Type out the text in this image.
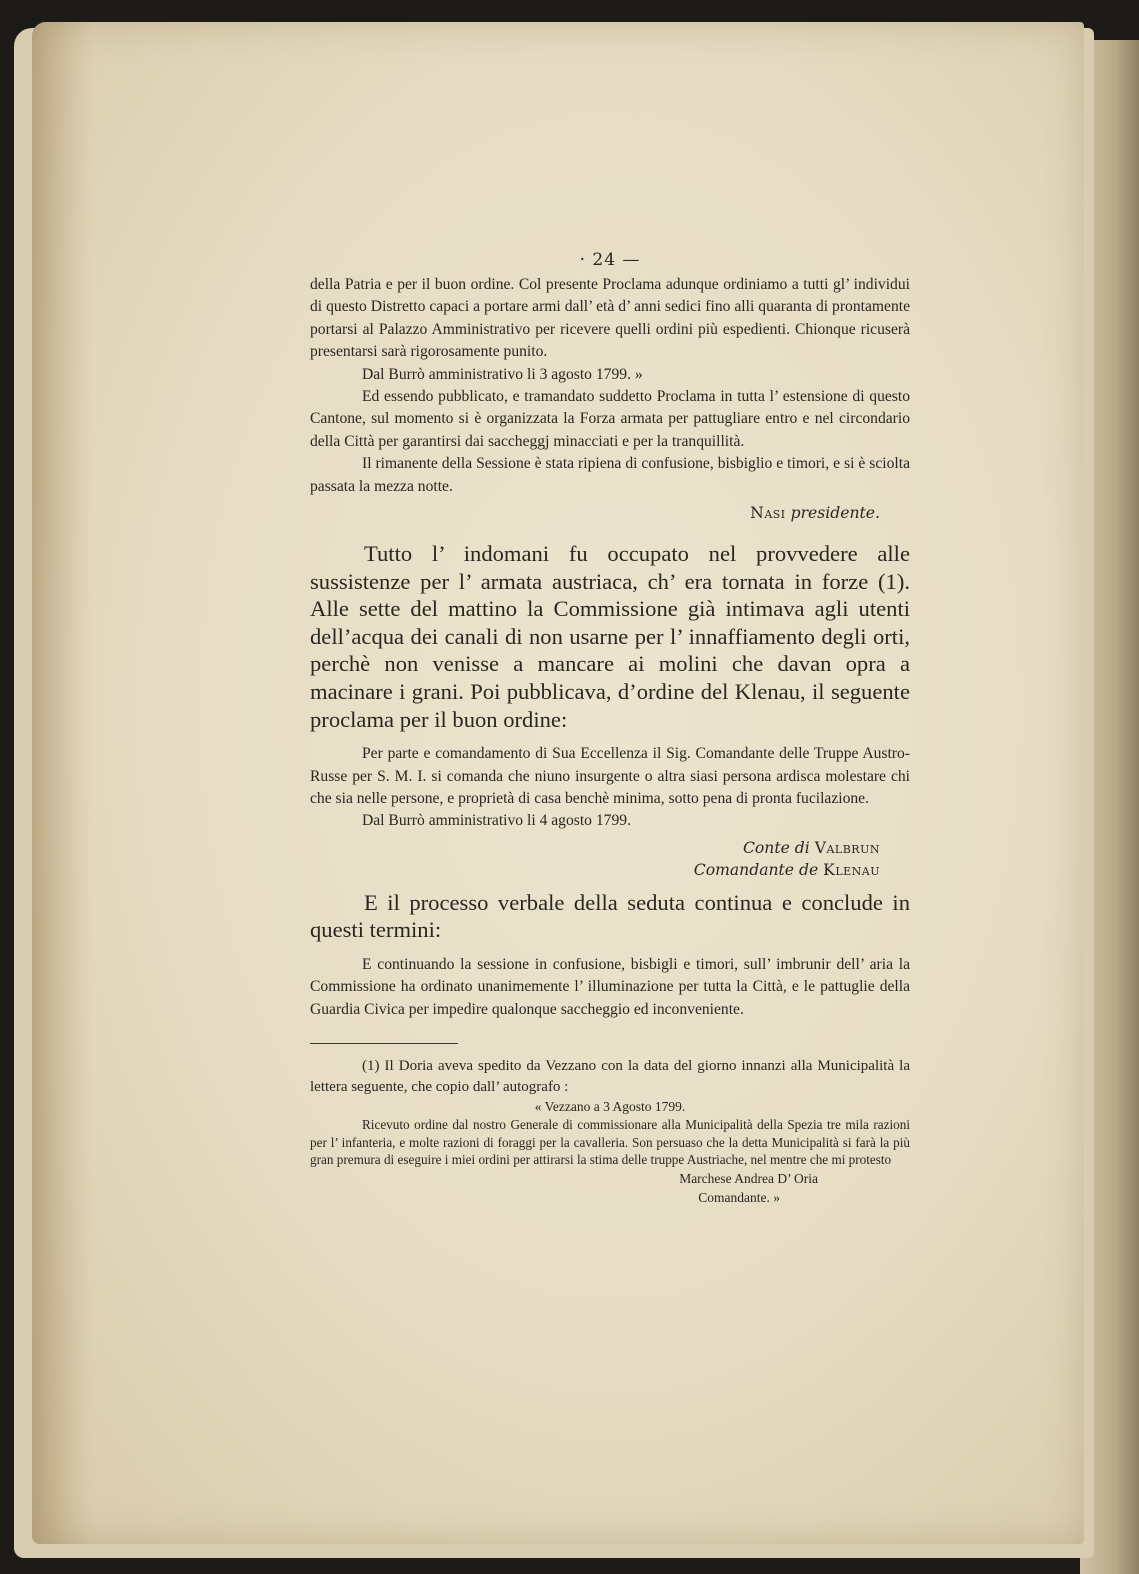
· 24 —

della Patria e per il buon ordine. Col presente Proclama adunque ordiniamo a tutti gl’ individui di questo Distretto capaci a portare armi dall’ età d’ anni sedici fino alli quaranta di prontamente portarsi al Palazzo Amministrativo per ricevere quelli ordini più espedienti. Chionque ricuserà presentarsi sarà rigorosamente punito.

Dal Burrò amministrativo li 3 agosto 1799. »

Ed essendo pubblicato, e tramandato suddetto Proclama in tutta l’ estensione di questo Cantone, sul momento si è organizzata la Forza armata per pattugliare entro e nel circondario della Città per garantirsi dai saccheggj minacciati e per la tranquillità.

Il rimanente della Sessione è stata ripiena di confusione, bisbiglio e timori, e si è sciolta passata la mezza notte.

Nasi presidente.

Tutto l’ indomani fu occupato nel provvedere alle sussistenze per l’ armata austriaca, ch’ era tornata in forze (1). Alle sette del mattino la Commissione già intimava agli utenti dell’acqua dei canali di non usarne per l’ innaffiamento degli orti, perchè non venisse a mancare ai molini che davan opra a macinare i grani. Poi pubblicava, d’ordine del Klenau, il seguente proclama per il buon ordine:

Per parte e comandamento di Sua Eccellenza il Sig. Comandante delle Truppe Austro-Russe per S. M. I. si comanda che niuno insurgente o altra siasi persona ardisca molestare chi che sia nelle persone, e proprietà di casa benchè minima, sotto pena di pronta fucilazione.

Dal Burrò amministrativo li 4 agosto 1799.

Conte di Valbrun
Comandante de Klenau

E il processo verbale della seduta continua e conclude in questi termini:

E continuando la sessione in confusione, bisbigli e timori, sull’ imbrunir dell’ aria la Commissione ha ordinato unanimemente l’ illuminazione per tutta la Città, e le pattuglie della Guardia Civica per impedire qualonque saccheggio ed inconveniente.

(1) Il Doria aveva spedito da Vezzano con la data del giorno innanzi alla Municipalità la lettera seguente, che copio dall’ autografo :

« Vezzano a 3 Agosto 1799.

Ricevuto ordine dal nostro Generale di commissionare alla Municipalità della Spezia tre mila razioni per l’ infanteria, e molte razioni di foraggi per la cavalleria. Son persuaso che la detta Municipalità si farà la più gran premura di eseguire i miei ordini per attirarsi la stima delle truppe Austriache, nel mentre che mi protesto

Marchese Andrea D’ Oria

Comandante. »
